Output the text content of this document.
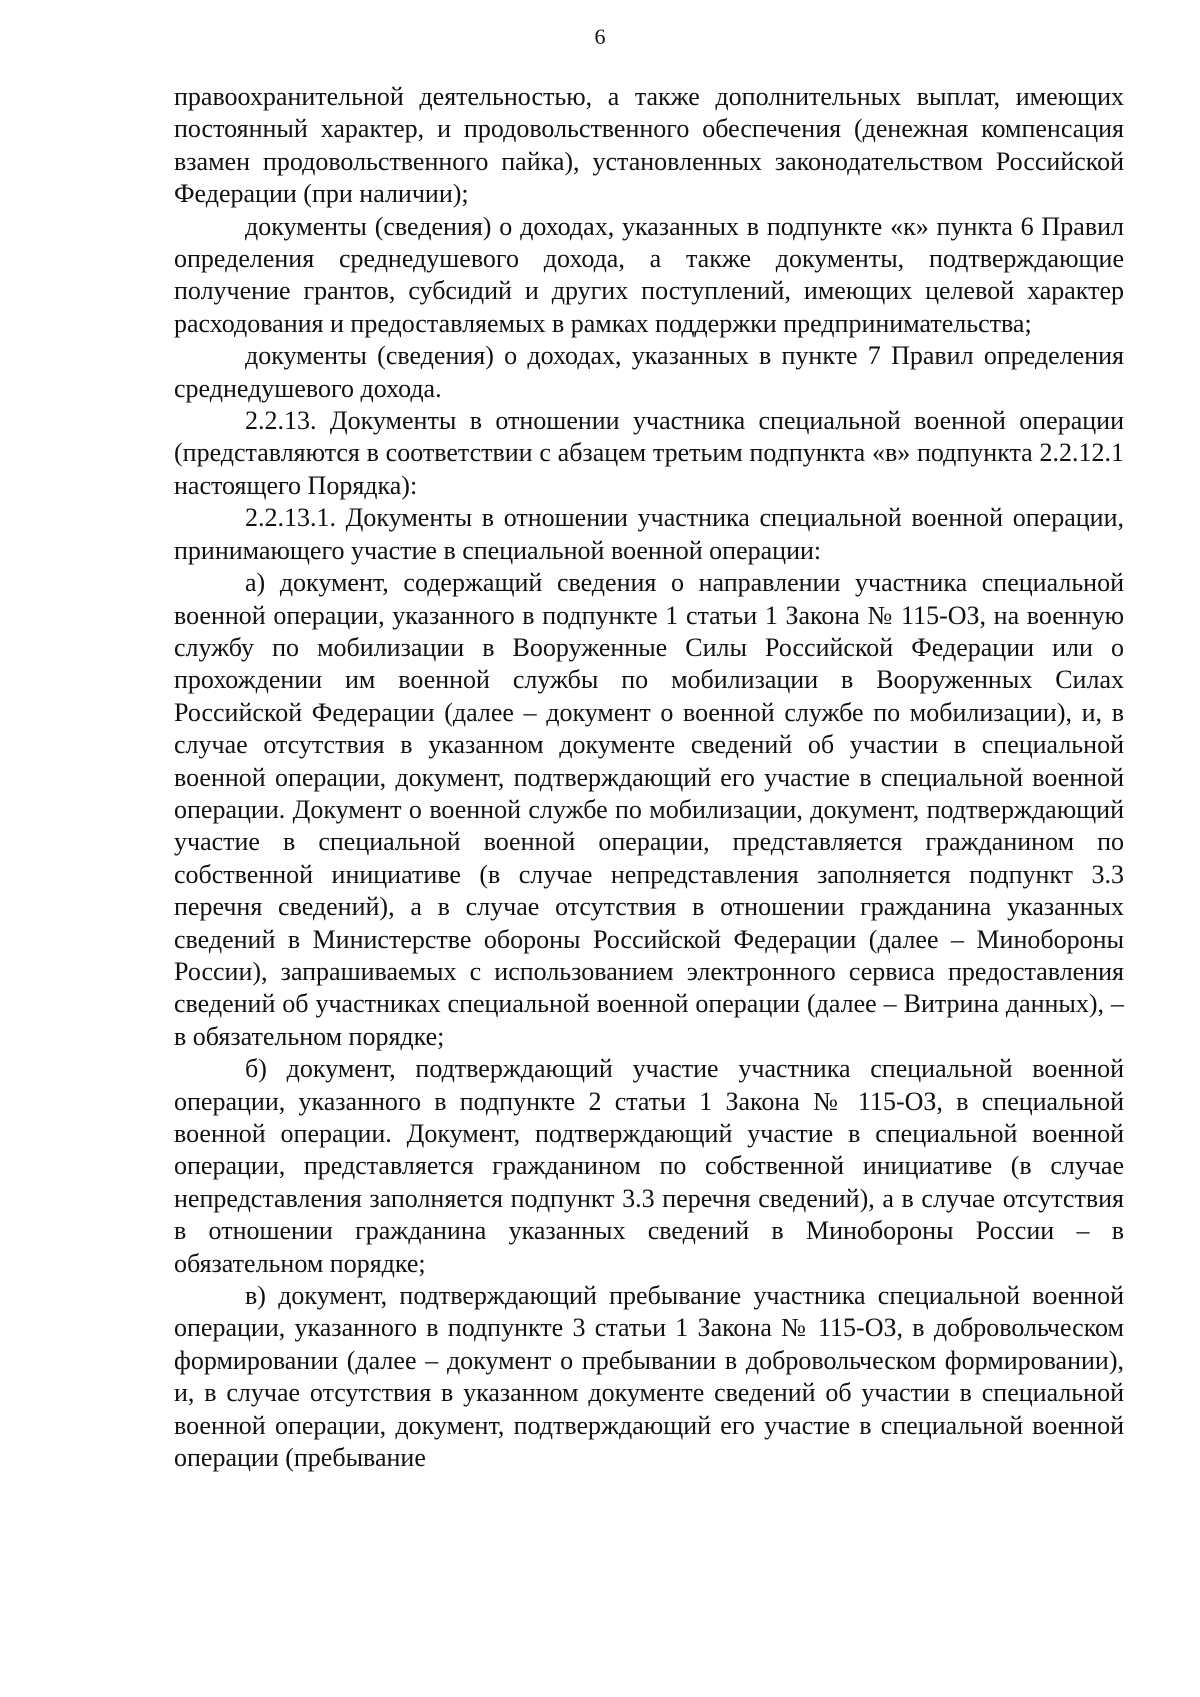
6

правоохранительной деятельностью, а также дополнительных выплат, имеющих постоянный характер, и продовольственного обеспечения (денежная компенсация взамен продовольственного пайка), установленных законодательством Российской Федерации (при наличии);

документы (сведения) о доходах, указанных в подпункте «к» пункта 6 Правил определения среднедушевого дохода, а также документы, подтверждающие получение грантов, субсидий и других поступлений, имеющих целевой характер расходования и предоставляемых в рамках поддержки предпринимательства;

документы (сведения) о доходах, указанных в пункте 7 Правил определения среднедушевого дохода.

2.2.13. Документы в отношении участника специальной военной операции (представляются в соответствии с абзацем третьим подпункта «в» подпункта 2.2.12.1 настоящего Порядка):

2.2.13.1. Документы в отношении участника специальной военной операции, принимающего участие в специальной военной операции:

а) документ, содержащий сведения о направлении участника специальной военной операции, указанного в подпункте 1 статьи 1 Закона № 115-ОЗ, на военную службу по мобилизации в Вооруженные Силы Российской Федерации или о прохождении им военной службы по мобилизации в Вооруженных Силах Российской Федерации (далее – документ о военной службе по мобилизации), и, в случае отсутствия в указанном документе сведений об участии в специальной военной операции, документ, подтверждающий его участие в специальной военной операции. Документ о военной службе по мобилизации, документ, подтверждающий участие в специальной военной операции, представляется гражданином по собственной инициативе (в случае непредставления заполняется подпункт 3.3 перечня сведений), а в случае отсутствия в отношении гражданина указанных сведений в Министерстве обороны Российской Федерации (далее – Минобороны России), запрашиваемых с использованием электронного сервиса предоставления сведений об участниках специальной военной операции (далее – Витрина данных), – в обязательном порядке;

б) документ, подтверждающий участие участника специальной военной операции, указанного в подпункте 2 статьи 1 Закона № 115-ОЗ, в специальной военной операции. Документ, подтверждающий участие в специальной военной операции, представляется гражданином по собственной инициативе (в случае непредставления заполняется подпункт 3.3 перечня сведений), а в случае отсутствия в отношении гражданина указанных сведений в Минобороны России – в обязательном порядке;

в) документ, подтверждающий пребывание участника специальной военной операции, указанного в подпункте 3 статьи 1 Закона № 115-ОЗ, в добровольческом формировании (далее – документ о пребывании в добровольческом формировании), и, в случае отсутствия в указанном документе сведений об участии в специальной военной операции, документ, подтверждающий его участие в специальной военной операции (пребывание
